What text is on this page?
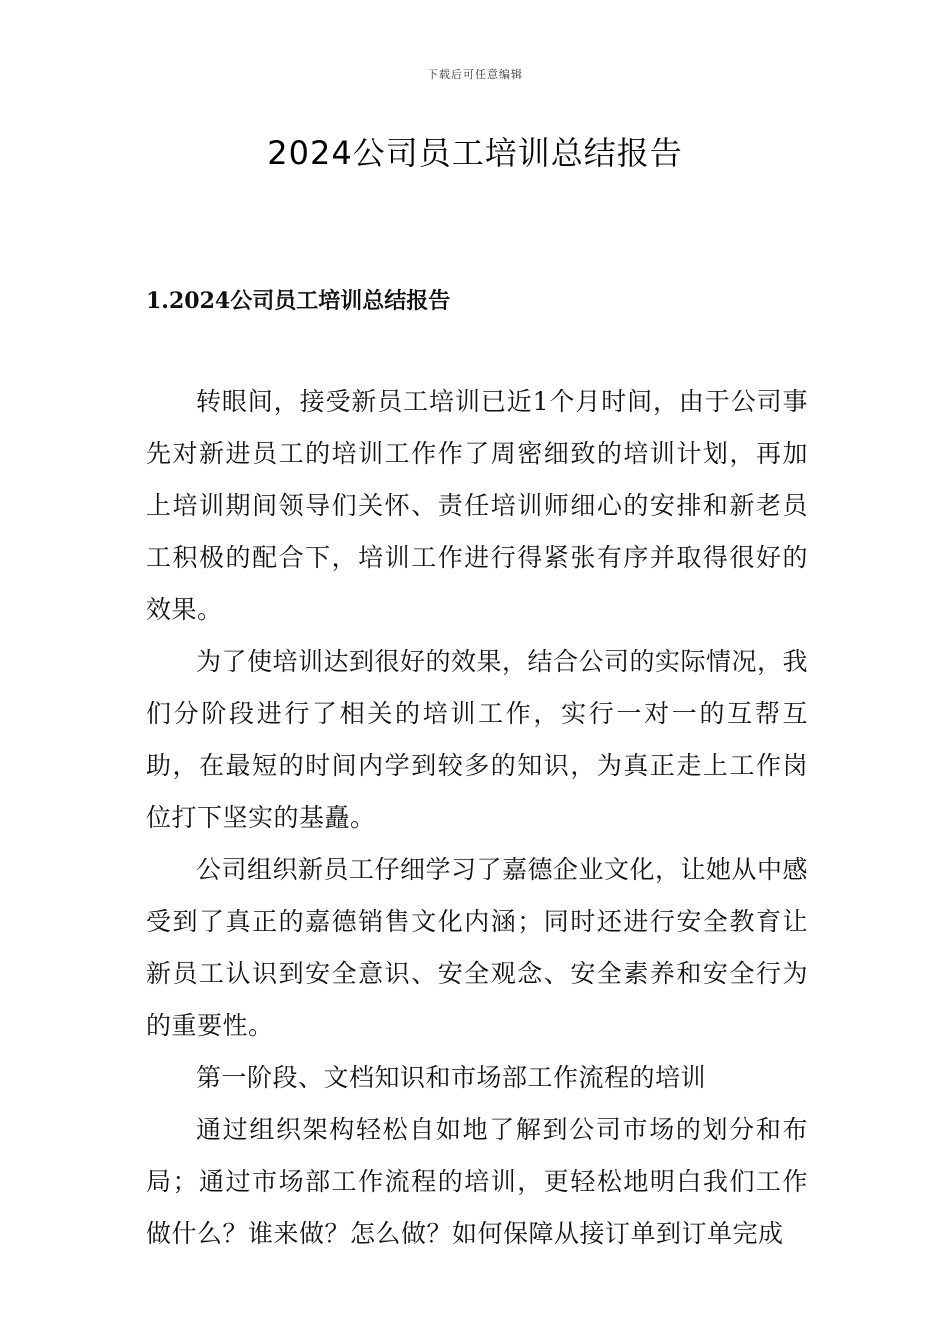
下载后可任意编辑
2024公司员工培训总结报告
1.2024公司员工培训总结报告

转眼间，接受新员工培训已近1个月时间，由于公司事先对新进员工的培训工作作了周密细致的培训计划，再加上培训期间领导们关怀、责任培训师细心的安排和新老员工积极的配合下，培训工作进行得紧张有序并取得很好的效果。

为了使培训达到很好的效果，结合公司的实际情况，我们分阶段进行了相关的培训工作，实行一对一的互帮互助，在最短的时间内学到较多的知识，为真正走上工作岗位打下坚实的基矗。

公司组织新员工仔细学习了嘉德企业文化，让她从中感受到了真正的嘉德销售文化内涵；同时还进行安全教育让新员工认识到安全意识、安全观念、安全素养和安全行为的重要性。

第一阶段、文档知识和市场部工作流程的培训

通过组织架构轻松自如地了解到公司市场的划分和布局；通过市场部工作流程的培训，更轻松地明白我们工作做什么？谁来做？怎么做？如何保障从接订单到订单完成
